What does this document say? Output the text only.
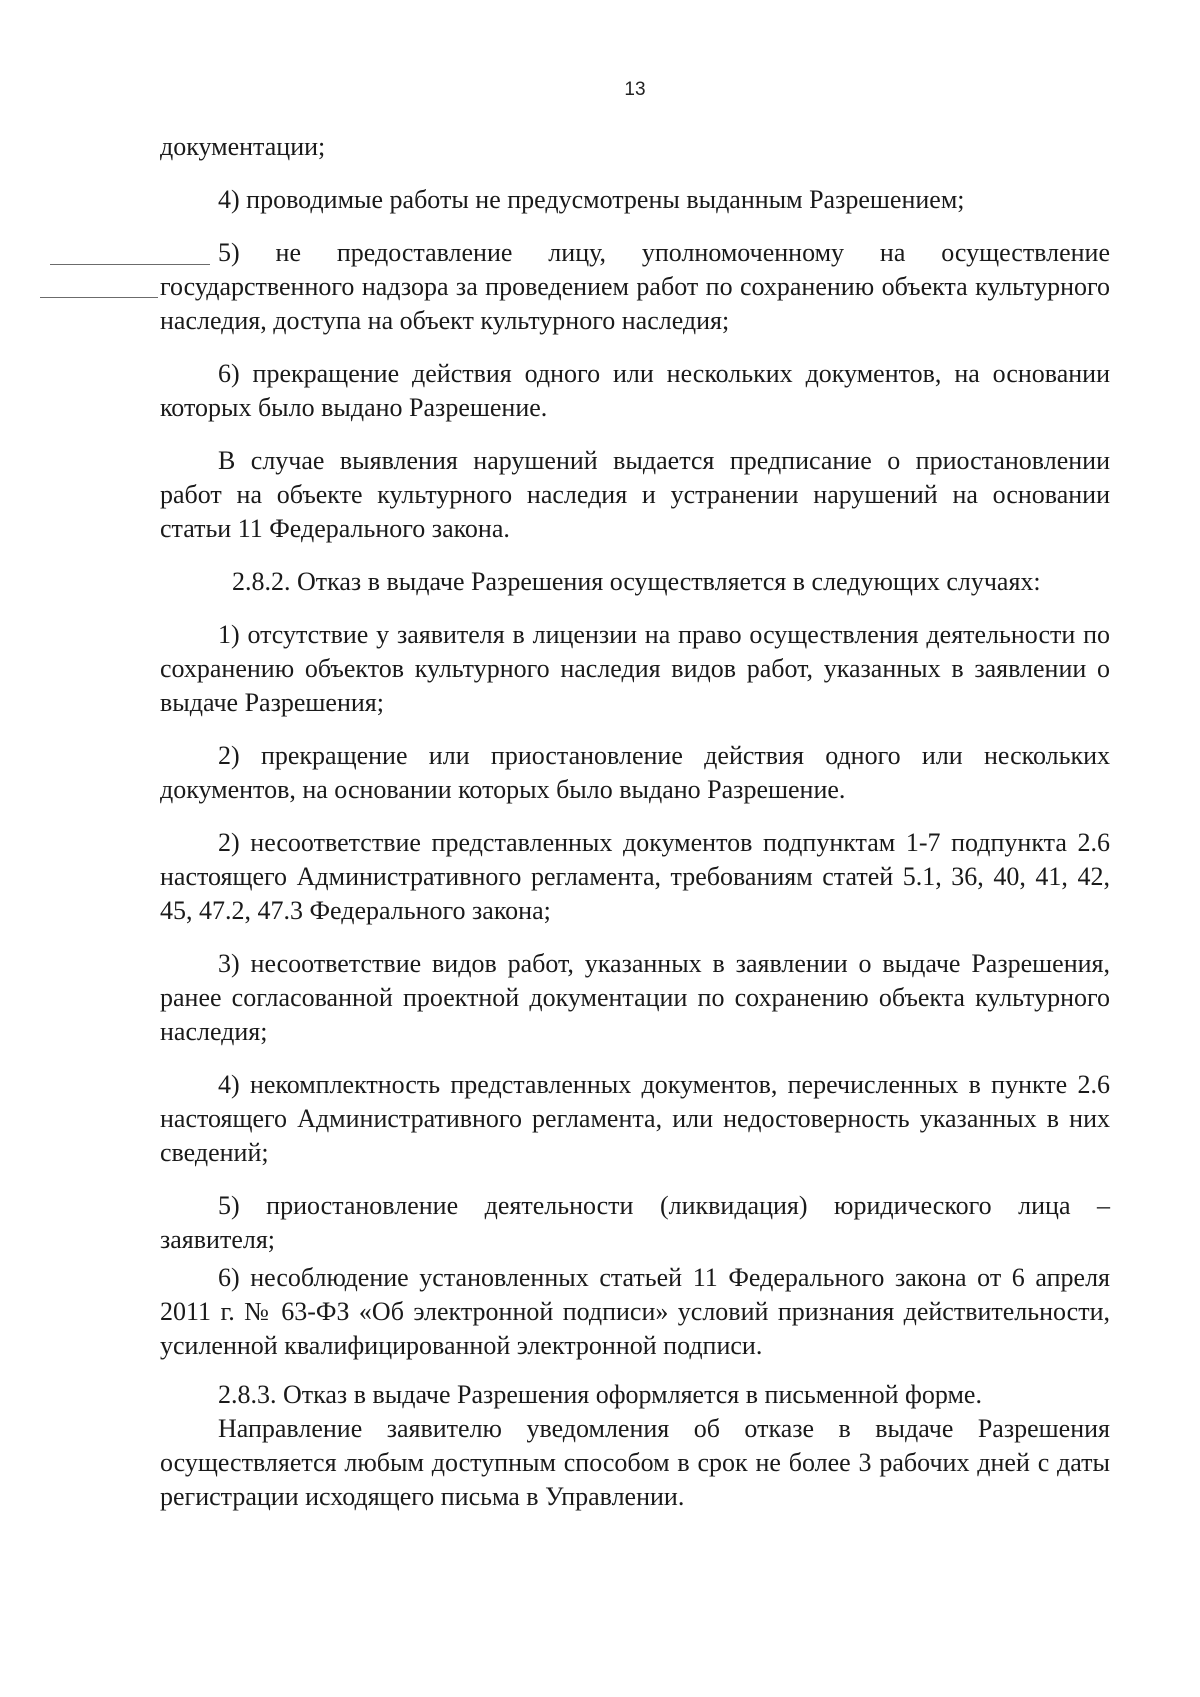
13

документации;

4) проводимые работы не предусмотрены выданным Разрешением;

5) не предоставление лицу, уполномоченному на осуществление государственного надзора за проведением работ по сохранению объекта культурного наследия, доступа на объект культурного наследия;

6) прекращение действия одного или нескольких документов, на основании которых было выдано Разрешение.

В случае выявления нарушений выдается предписание о приостановлении работ на объекте культурного наследия и устранении нарушений на основании статьи 11 Федерального закона.

2.8.2. Отказ в выдаче Разрешения осуществляется в следующих случаях:

1) отсутствие у заявителя в лицензии на право осуществления деятельности по сохранению объектов культурного наследия видов работ, указанных в заявлении о выдаче Разрешения;

2) прекращение или приостановление действия одного или нескольких документов, на основании которых было выдано Разрешение.

2) несоответствие представленных документов подпунктам 1-7 подпункта 2.6 настоящего Административного регламента, требованиям статей 5.1, 36, 40, 41, 42, 45, 47.2, 47.3 Федерального закона;

3) несоответствие видов работ, указанных в заявлении о выдаче Разрешения, ранее согласованной проектной документации по сохранению объекта культурного наследия;

4) некомплектность представленных документов, перечисленных в пункте 2.6 настоящего Административного регламента, или недостоверность указанных в них сведений;

5) приостановление деятельности (ликвидация) юридического лица – заявителя;

6) несоблюдение установленных статьей 11 Федерального закона от 6 апреля 2011 г. № 63-ФЗ «Об электронной подписи» условий признания действительности, усиленной квалифицированной электронной подписи.

2.8.3. Отказ в выдаче Разрешения оформляется в письменной форме.

Направление заявителю уведомления об отказе в выдаче Разрешения осуществляется любым доступным способом в срок не более 3 рабочих дней с даты регистрации исходящего письма в Управлении.
